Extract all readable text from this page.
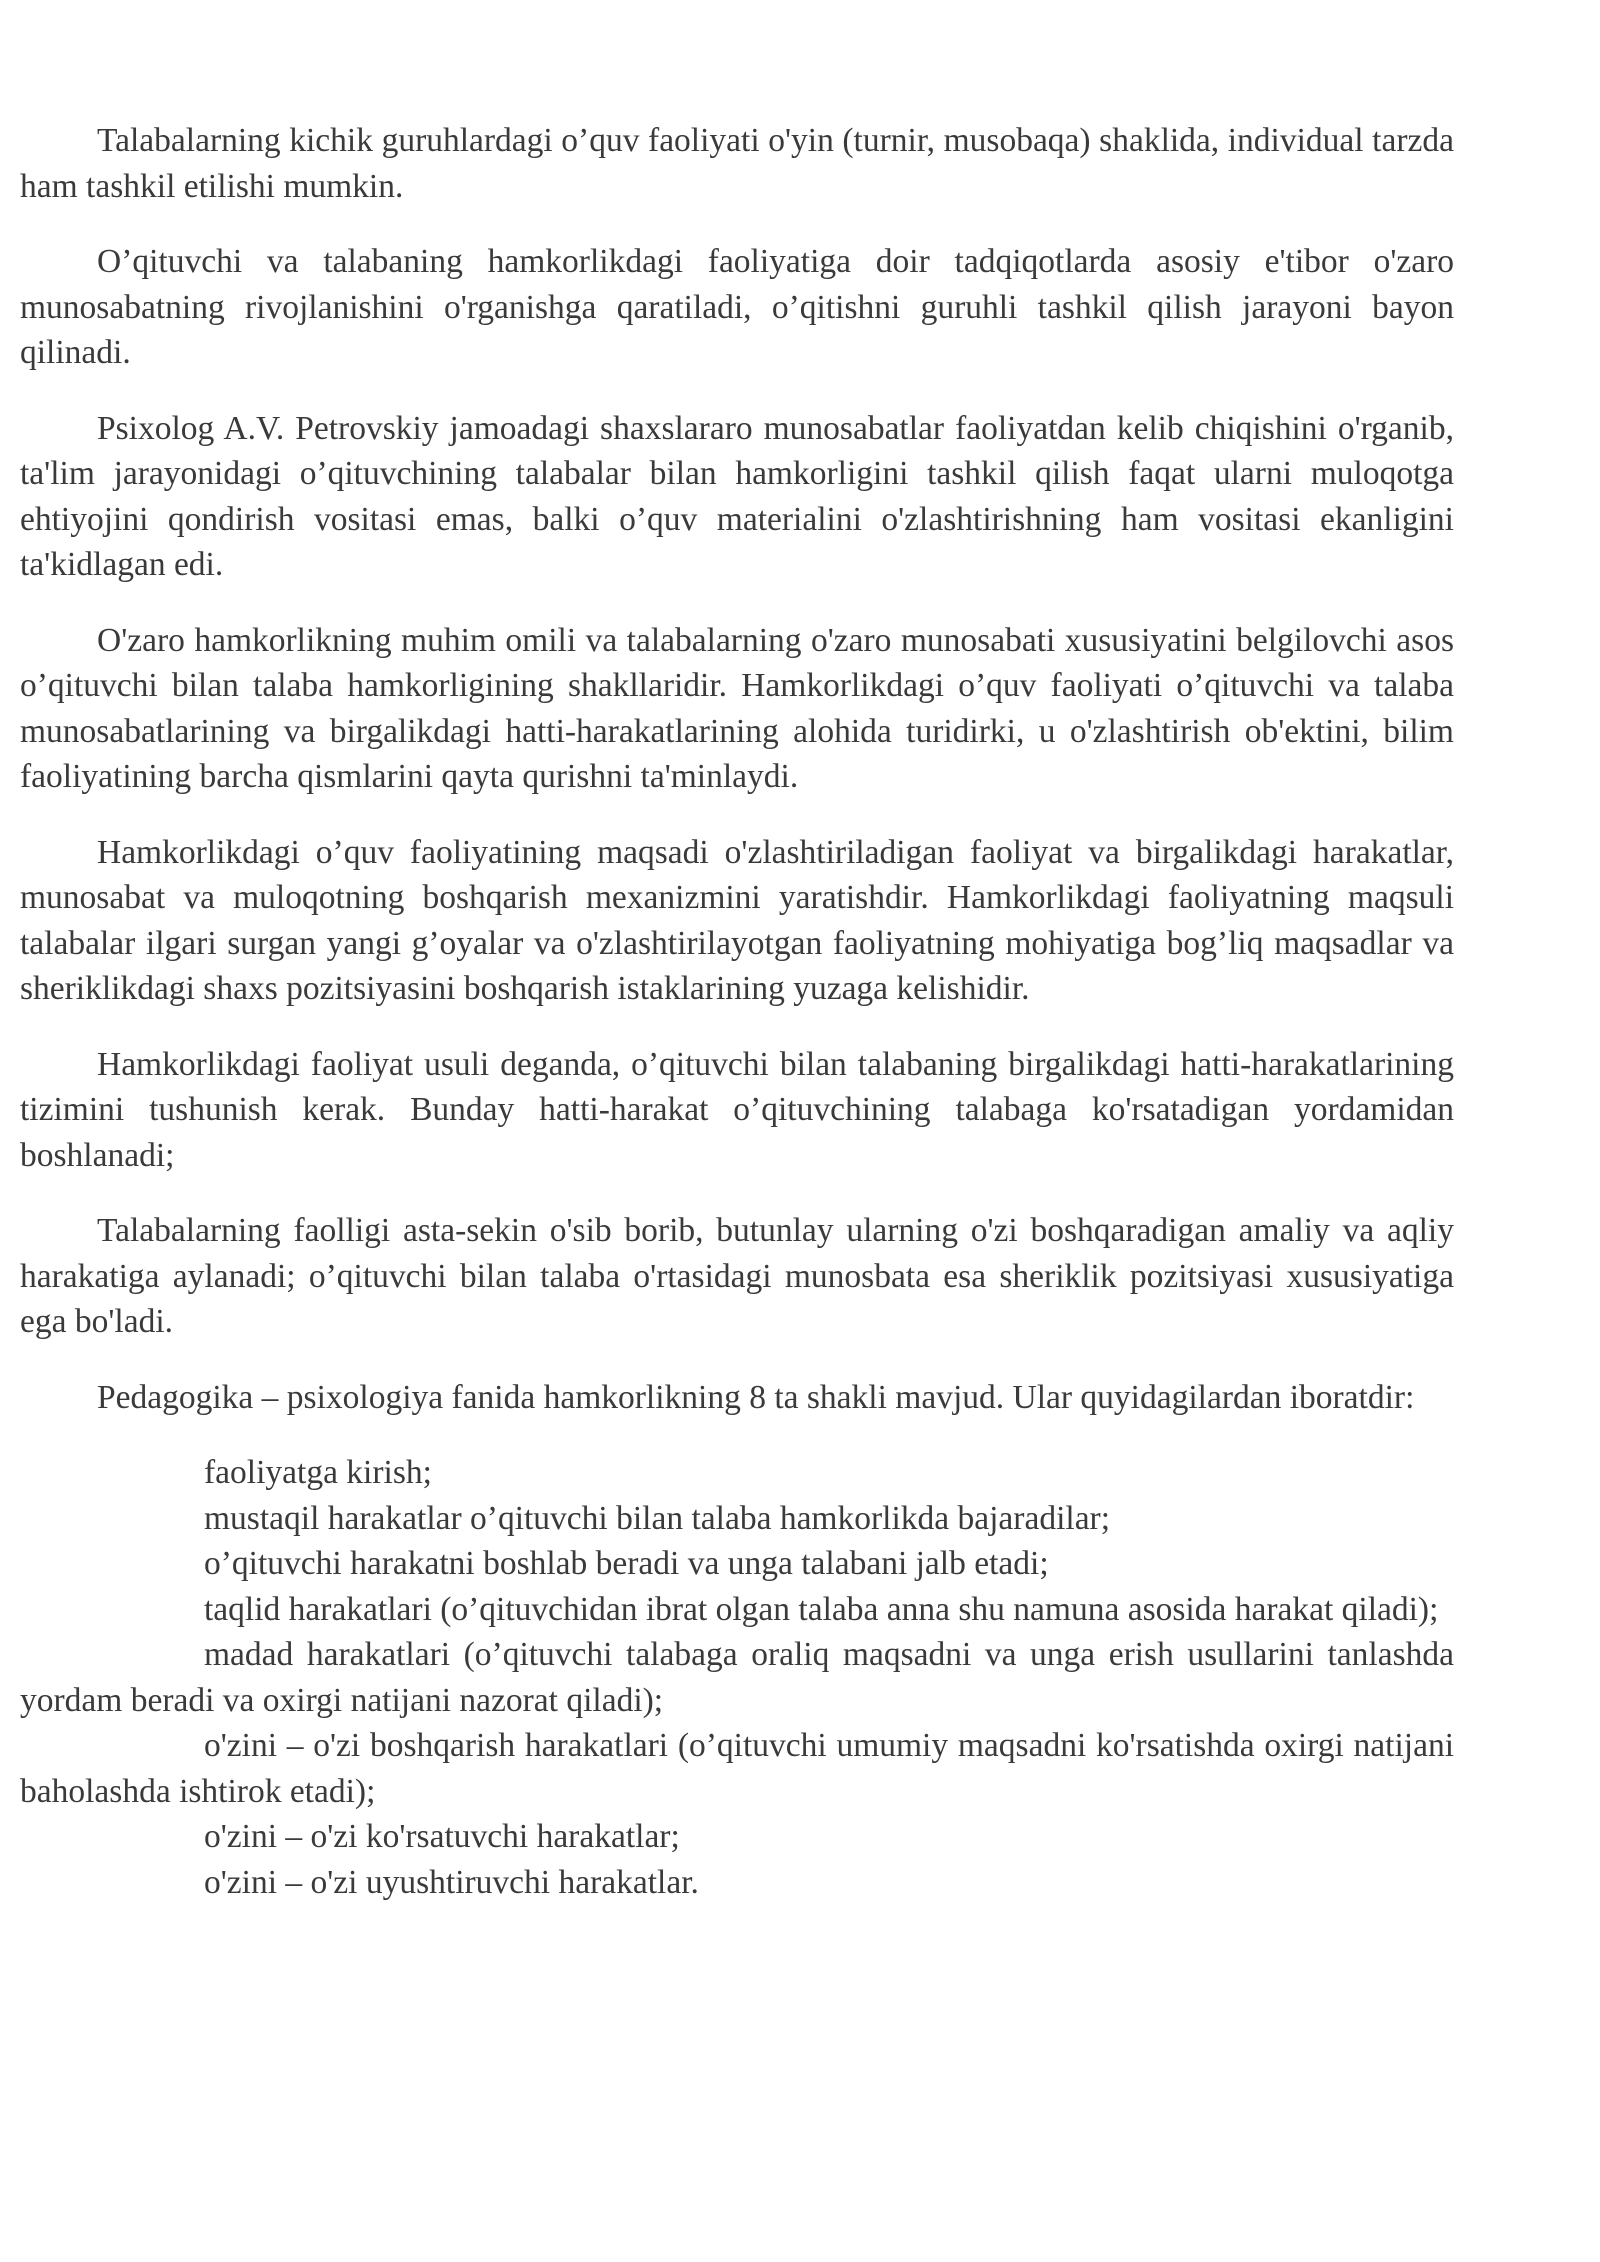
Talabalarning kichik guruhlardagi o’quv faoliyati o'yin (turnir, musobaqa) shaklida, individual tarzda ham tashkil etilishi mumkin.

O’qituvchi va talabaning hamkorlikdagi faoliyatiga doir tadqiqotlarda asosiy e'tibor o'zaro munosabatning rivojlanishini o'rganishga qaratiladi, o’qitishni guruhli tashkil qilish jarayoni bayon qilinadi.

Psixolog A.V. Petrovskiy jamoadagi shaxslararo munosabatlar faoliyatdan kelib chiqishini o'rganib, ta'lim jarayonidagi o’qituvchining talabalar bilan hamkorligini tashkil qilish faqat ularni muloqotga ehtiyojini qondirish vositasi emas, balki o’quv materialini o'zlashtirishning ham vositasi ekanligini ta'kidlagan edi.

O'zaro hamkorlikning muhim omili va talabalarning o'zaro munosabati xususiyatini belgilovchi asos o’qituvchi bilan talaba hamkorligining shakllaridir. Hamkorlikdagi o’quv faoliyati o’qituvchi va talaba munosabatlarining va birgalikdagi hatti-harakatlarining alohida turidirki, u o'zlashtirish ob'ektini, bilim faoliyatining barcha qismlarini qayta qurishni ta'minlaydi.

Hamkorlikdagi o’quv faoliyatining maqsadi o'zlashtiriladigan faoliyat va birgalikdagi harakatlar, munosabat va muloqotning boshqarish mexanizmini yaratishdir. Hamkorlikdagi faoliyatning maqsuli talabalar ilgari surgan yangi g’oyalar va o'zlashtirilayotgan faoliyatning mohiyatiga bog’liq maqsadlar va sheriklikdagi shaxs pozitsiyasini boshqarish istaklarining yuzaga kelishidir.

Hamkorlikdagi faoliyat usuli deganda, o’qituvchi bilan talabaning birgalikdagi hatti-harakatlarining tizimini tushunish kerak. Bunday hatti-harakat o’qituvchining talabaga ko'rsatadigan yordamidan boshlanadi;

Talabalarning faolligi asta-sekin o'sib borib, butunlay ularning o'zi boshqaradigan amaliy va aqliy harakatiga aylanadi; o’qituvchi bilan talaba o'rtasidagi munosbata esa sheriklik pozitsiyasi xususiyatiga ega bo'ladi.

Pedagogika – psixologiya fanida hamkorlikning 8 ta shakli mavjud. Ular quyidagilardan iboratdir:

faoliyatga kirish;
mustaqil harakatlar o’qituvchi bilan talaba hamkorlikda bajaradilar;
o’qituvchi harakatni boshlab beradi va unga talabani jalb etadi;
taqlid harakatlari (o’qituvchidan ibrat olgan talaba anna shu namuna asosida harakat qiladi);
madad harakatlari (o’qituvchi talabaga oraliq maqsadni va unga erish usullarini tanlashda yordam beradi va oxirgi natijani nazorat qiladi);
o'zini – o'zi boshqarish harakatlari (o’qituvchi umumiy maqsadni ko'rsatishda oxirgi natijani baholashda ishtirok etadi);
o'zini – o'zi ko'rsatuvchi harakatlar;
o'zini – o'zi uyushtiruvchi harakatlar.
